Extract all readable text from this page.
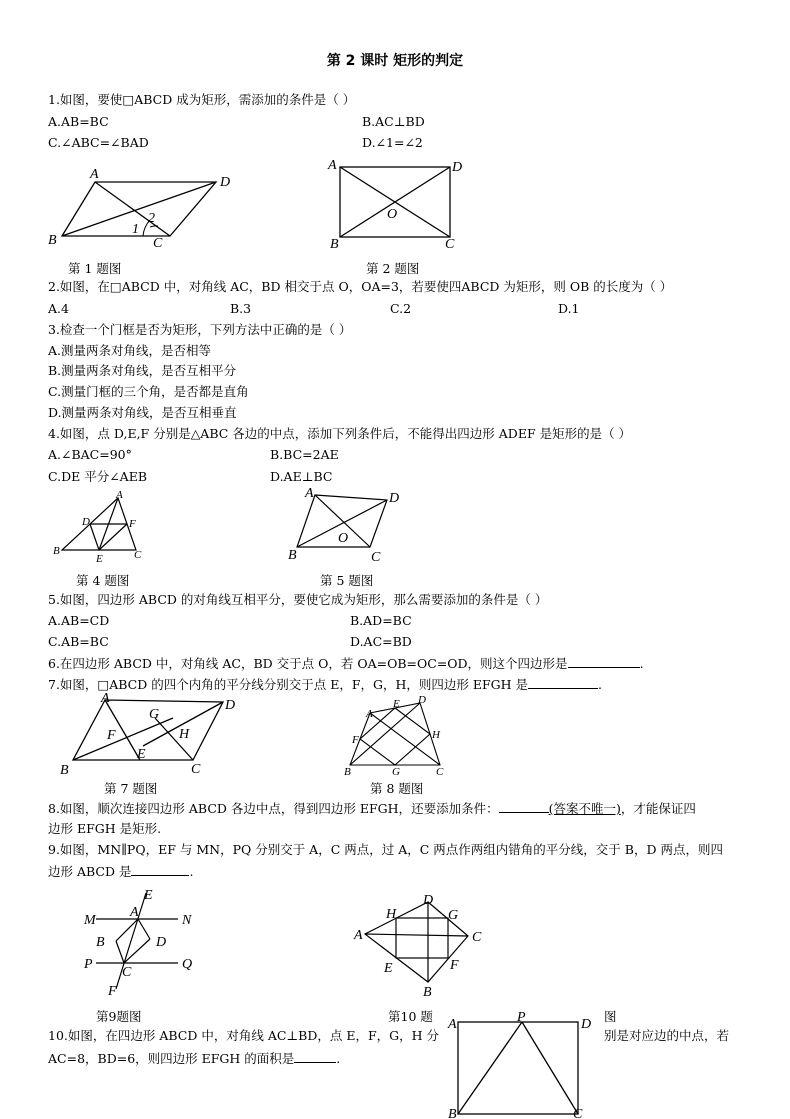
第 2 课时 矩形的判定
1.如图，要使□ABCD 成为矩形，需添加的条件是（ ）
A.AB=BC	B.AC⊥BD
C.∠ABC=∠BAD	D.∠1=∠2
A
D
B	C
1
2
A	D
B	C
O
第 1 题图	第 2 题图
2.如图，在□ABCD 中，对角线 AC，BD 相交于点 O，OA=3，若要使四ABCD 为矩形，则 OB 的长度为（ ）
A.4	B.3	C.2	D.1
3.检查一个门框是否为矩形，下列方法中正确的是（ ）
A.测量两条对角线，是否相等
B.测量两条对角线，是否互相平分
C.测量门框的三个角，是否都是直角
D.测量两条对角线，是否互相垂直
4.如图，点 D,E,F 分别是△ABC 各边的中点，添加下列条件后，不能得出四边形 ADEF 是矩形的是（ ）
A.∠BAC=90°	B.BC=2AE
C.DE 平分∠AEB	D.AE⊥BC
A
D	F
B
E	C
A	D
B	C
O
第 4 题图	第 5 题图
5.如图，四边形 ABCD 的对角线互相平分，要使它成为矩形，那么需要添加的条件是（ ）
A.AB=CD	B.AD=BC
C.AB=BC	D.AC=BD
6.在四边形 ABCD 中，对角线 AC，BD 交于点 O，若 OA=OB=OC=OD，则这个四边形是	.
7.如图，□ABCD 的四个内角的平分线分别交于点 E，F，G，H，则四边形 EFGH 是	.
A	D
B	C
F
E
G
H
A
E D
F	H
B	G	C
第 7 题图	第 8 题图
8.如图，顺次连接四边形 ABCD 各边中点，得到四边形 EFGH，还要添加条件：	(答案不唯一)，才能保证四
边形 EFGH 是矩形.
9.如图，MN∥PQ，EF 与 MN，PQ 分别交于 A，C 两点，过 A，C 两点作两组内错角的平分线，交于 B，D 两点，则四
边形 ABCD 是	.
E
M	N
A
B	D
P	Q
C
F
D
H	G
A	C
E	F
B
第9题图	第10 题	图
10.如图，在四边形 ABCD 中，对角线 AC⊥BD，点 E，F，G，H 分	别是对应边的中点，若
AC=8，BD=6，则四边形 EFGH 的面积是	.
A	P	D
B	C
